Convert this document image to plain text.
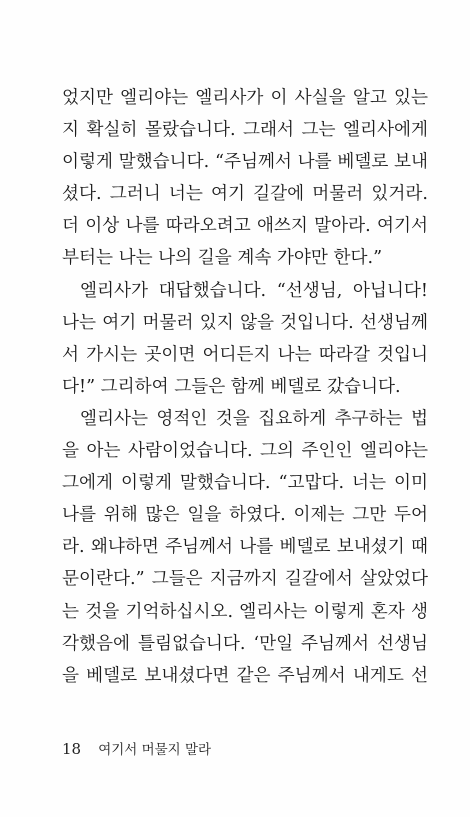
었지만 엘리야는 엘리사가 이 사실을 알고 있는
지 확실히 몰랐습니다. 그래서 그는 엘리사에게
이렇게 말했습니다. “주님께서 나를 베델로 보내
셨다. 그러니 너는 여기 길갈에 머물러 있거라.
더 이상 나를 따라오려고 애쓰지 말아라. 여기서
부터는 나는 나의 길을 계속 가야만 한다.”
엘리사가 대답했습니다. “선생님, 아닙니다!
나는 여기 머물러 있지 않을 것입니다. 선생님께
서 가시는 곳이면 어디든지 나는 따라갈 것입니
다!” 그리하여 그들은 함께 베델로 갔습니다.
엘리사는 영적인 것을 집요하게 추구하는 법
을 아는 사람이었습니다. 그의 주인인 엘리야는
그에게 이렇게 말했습니다. “고맙다. 너는 이미
나를 위해 많은 일을 하였다. 이제는 그만 두어
라. 왜냐하면 주님께서 나를 베델로 보내셨기 때
문이란다.” 그들은 지금까지 길갈에서 살았었다
는 것을 기억하십시오. 엘리사는 이렇게 혼자 생
각했음에 틀림없습니다. ‘만일 주님께서 선생님
을 베델로 보내셨다면 같은 주님께서 내게도 선
18 여기서 머물지 말라
